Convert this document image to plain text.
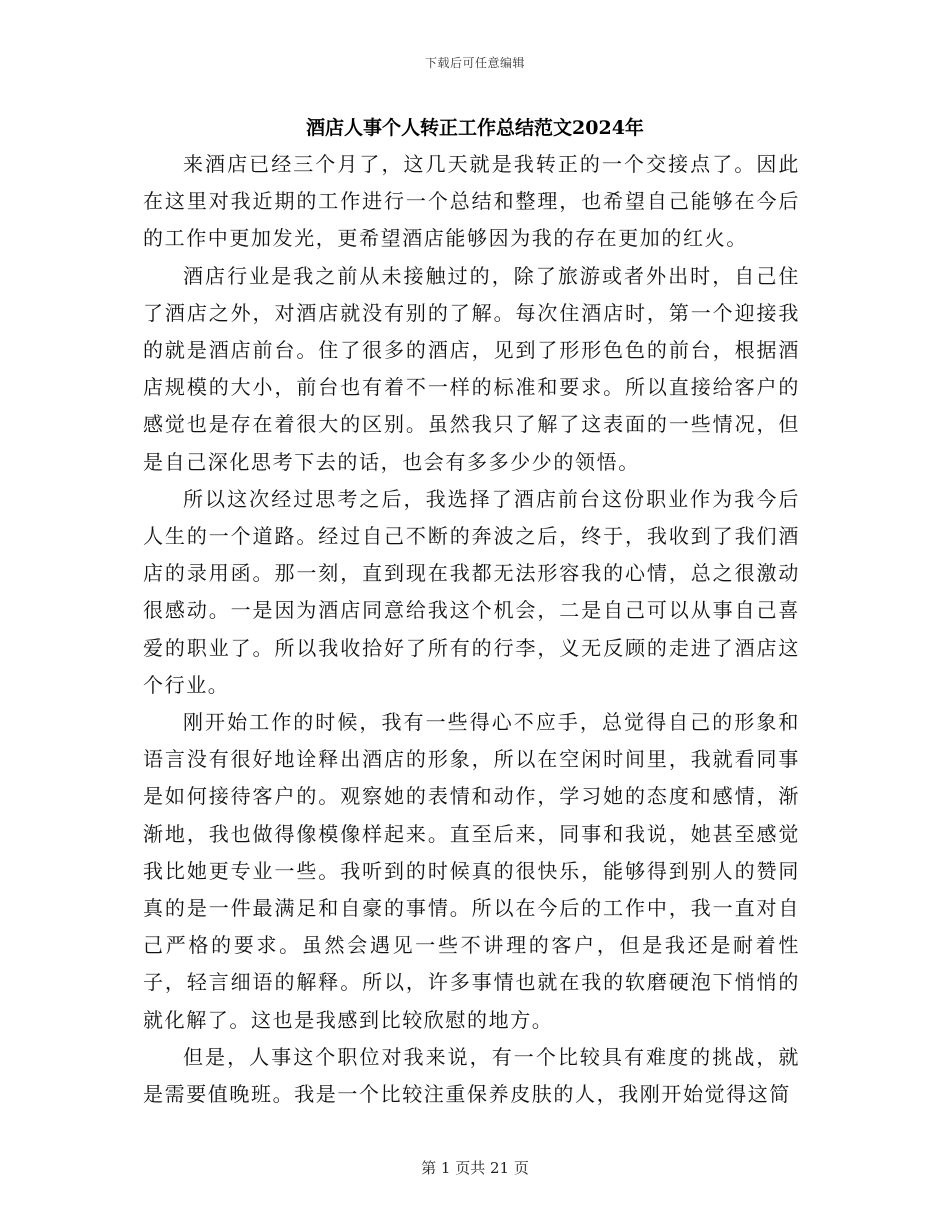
下载后可任意编辑
酒店人事个人转正工作总结范文2024年

来酒店已经三个月了，这几天就是我转正的一个交接点了。因此在这里对我近期的工作进行一个总结和整理，也希望自己能够在今后的工作中更加发光，更希望酒店能够因为我的存在更加的红火。

酒店行业是我之前从未接触过的，除了旅游或者外出时，自己住了酒店之外，对酒店就没有别的了解。每次住酒店时，第一个迎接我的就是酒店前台。住了很多的酒店，见到了形形色色的前台，根据酒店规模的大小，前台也有着不一样的标准和要求。所以直接给客户的感觉也是存在着很大的区别。虽然我只了解了这表面的一些情况，但是自己深化思考下去的话，也会有多多少少的领悟。

所以这次经过思考之后，我选择了酒店前台这份职业作为我今后人生的一个道路。经过自己不断的奔波之后，终于，我收到了我们酒店的录用函。那一刻，直到现在我都无法形容我的心情，总之很激动很感动。一是因为酒店同意给我这个机会，二是自己可以从事自己喜爱的职业了。所以我收拾好了所有的行李，义无反顾的走进了酒店这个行业。

刚开始工作的时候，我有一些得心不应手，总觉得自己的形象和语言没有很好地诠释出酒店的形象，所以在空闲时间里，我就看同事是如何接待客户的。观察她的表情和动作，学习她的态度和感情，渐渐地，我也做得像模像样起来。直至后来，同事和我说，她甚至感觉我比她更专业一些。我听到的时候真的很快乐，能够得到别人的赞同真的是一件最满足和自豪的事情。所以在今后的工作中，我一直对自己严格的要求。虽然会遇见一些不讲理的客户，但是我还是耐着性子，轻言细语的解释。所以，许多事情也就在我的软磨硬泡下悄悄的就化解了。这也是我感到比较欣慰的地方。

但是，人事这个职位对我来说，有一个比较具有难度的挑战，就是需要值晚班。我是一个比较注重保养皮肤的人，我刚开始觉得这简

第 1 页共 21 页
